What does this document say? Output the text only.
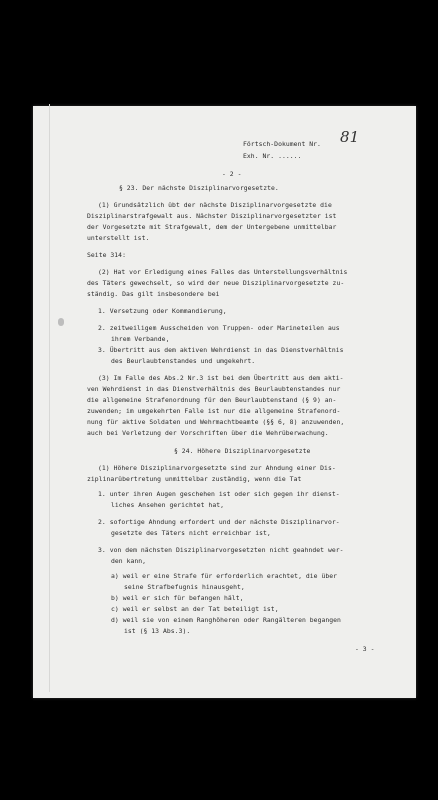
Förtsch-Dokument Nr. 81
Exh. Nr. ......
- 2 -
§ 23. Der nächste Disziplinarvorgesetzte.
(1) Grundsätzlich übt der nächste Disziplinarvorgesetzte die
Disziplinarstrafgewalt aus. Nächster Disziplinarvorgesetzter ist
der Vorgesetzte mit Strafgewalt, dem der Untergebene unmittelbar
unterstellt ist.
Seite 314:
(2) Hat vor Erledigung eines Falles das Unterstellungsverhältnis
des Täters gewechselt, so wird der neue Disziplinarvorgesetzte zu-
ständig. Das gilt insbesondere bei
1. Versetzung oder Kommandierung,
2. zeitweiligem Ausscheiden von Truppen- oder Marineteilen aus
ihrem Verbande,
3. Übertritt aus dem aktiven Wehrdienst in das Dienstverhältnis
des Beurlaubtenstandes und umgekehrt.
(3) Im Falle des Abs.2 Nr.3 ist bei dem Übertritt aus dem akti-
ven Wehrdienst in das Dienstverhältnis des Beurlaubtenstandes nur
die allgemeine Strafenordnung für den Beurlaubtenstand (§ 9) an-
zuwenden; im umgekehrten Falle ist nur die allgemeine Strafenord-
nung für aktive Soldaten und Wehrmachtbeamte (§§ 6, 8) anzuwenden,
auch bei Verletzung der Vorschriften über die Wehrüberwachung.
§ 24. Höhere Disziplinarvorgesetzte
(1) Höhere Disziplinarvorgesetzte sind zur Ahndung einer Dis-
ziplinarübertretung unmittelbar zuständig, wenn die Tat
1. unter ihren Augen geschehen ist oder sich gegen ihr dienst-
liches Ansehen gerichtet hat,
2. sofortige Ahndung erfordert und der nächste Disziplinarvor-
gesetzte des Täters nicht erreichbar ist,
3. von dem nächsten Disziplinarvorgesetzten nicht geahndet wer-
den kann,
a) weil er eine Strafe für erforderlich erachtet, die über
seine Strafbefugnis hinausgeht,
b) weil er sich für befangen hält,
c) weil er selbst an der Tat beteiligt ist,
d) weil sie von einem Ranghöheren oder Rangälteren begangen
ist (§ 13 Abs.3).
- 3 -
